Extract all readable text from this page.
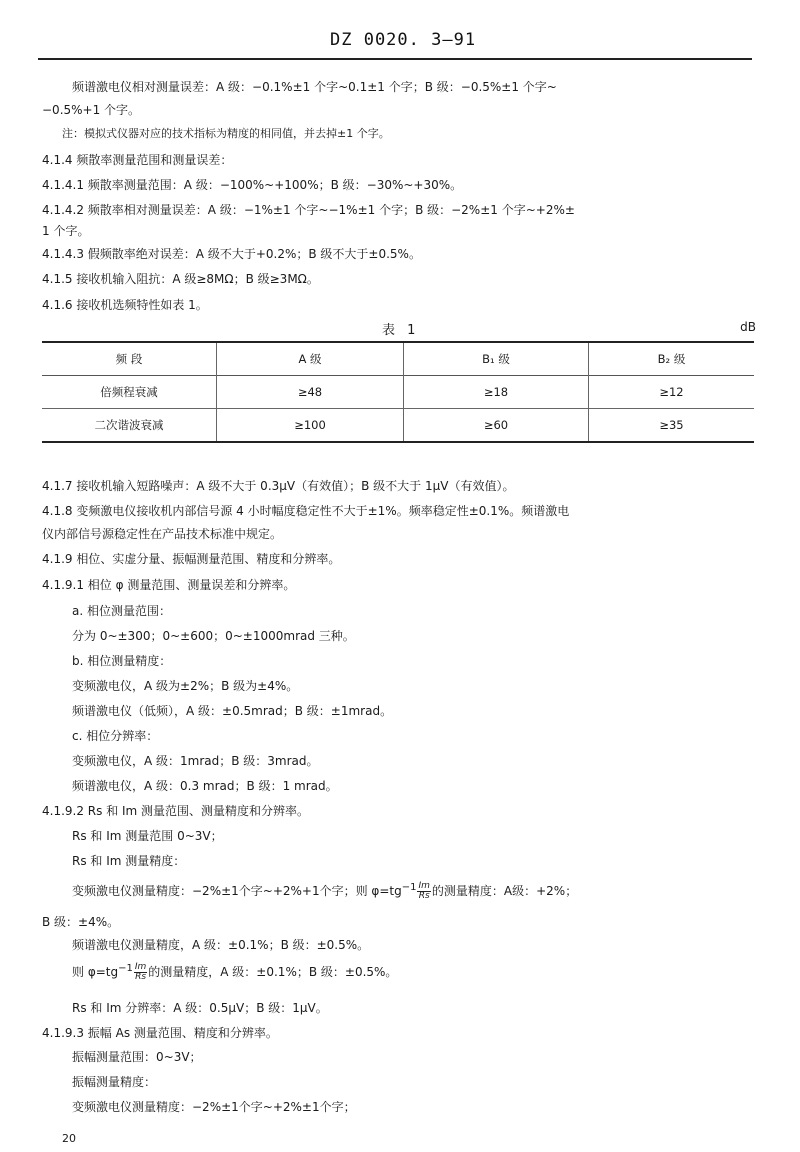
DZ 0020. 3—91
频谱激电仪相对测量误差：A 级：−0.1%±1 个字~0.1±1 个字；B 级：−0.5%±1 个字~
−0.5%+1 个字。
注：模拟式仪器对应的技术指标为精度的相同值，并去掉±1 个字。
4.1.4 频散率测量范围和测量误差：
4.1.4.1 频散率测量范围：A 级：−100%~+100%；B 级：−30%~+30%。
4.1.4.2 频散率相对测量误差：A 级：−1%±1 个字~−1%±1 个字；B 级：−2%±1 个字~+2%±
1 个字。
4.1.4.3 假频散率绝对误差：A 级不大于+0.2%；B 级不大于±0.5%。
4.1.5 接收机输入阻抗：A 级≥8MΩ；B 级≥3MΩ。
4.1.6 接收机选频特性如表 1。
表 1	dB
频 段	A 级	B₁ 级	B₂ 级
倍频程衰减	≥48	≥18	≥12
二次谐波衰减	≥100	≥60	≥35
4.1.7 接收机输入短路噪声：A 级不大于 0.3μV（有效值）；B 级不大于 1μV（有效值）。
4.1.8 变频激电仪接收机内部信号源 4 小时幅度稳定性不大于±1%。频率稳定性±0.1%。频谱激电
仪内部信号源稳定性在产品技术标准中规定。
4.1.9 相位、实虚分量、振幅测量范围、精度和分辨率。
4.1.9.1 相位 φ 测量范围、测量误差和分辨率。
a. 相位测量范围：
分为 0~±300；0~±600；0~±1000mrad 三种。
b. 相位测量精度：
变频激电仪，A 级为±2%；B 级为±4%。
频谱激电仪（低频），A 级：±0.5mrad；B 级：±1mrad。
c. 相位分辨率：
变频激电仪，A 级：1mrad；B 级：3mrad。
频谱激电仪，A 级：0.3 mrad；B 级：1 mrad。
4.1.9.2 Rs 和 Im 测量范围、测量精度和分辨率。
Rs 和 Im 测量范围 0~3V；
Rs 和 Im 测量精度：
变频激电仪测量精度：−2%±1个字~+2%+1个字；则 $\varphi=tg^{-1} \frac{Im}{Rs}$ 的测量精度：A级：+2%；
B 级：±4%。
频谱激电仪测量精度，A 级：±0.1%；B 级：±0.5%。
则 $\varphi=tg^{-1} \frac{Im}{Rs}$ 的测量精度，A 级：±0.1%；B 级：±0.5%。
Rs 和 Im 分辨率：A 级：0.5μV；B 级：1μV。
4.1.9.3 振幅 As 测量范围、精度和分辨率。
振幅测量范围：0~3V；
振幅测量精度：
变频激电仪测量精度：−2%±1个字~+2%±1个字；
20
